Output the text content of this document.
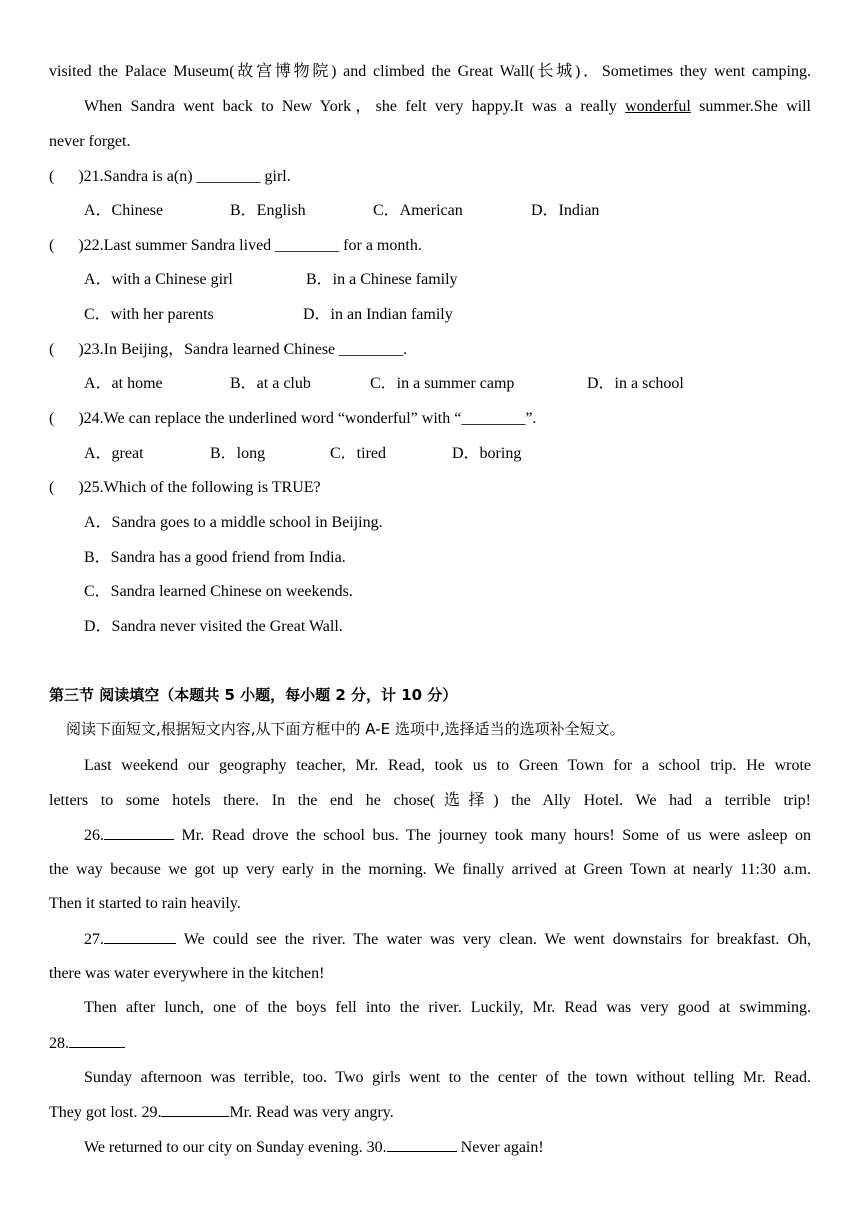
visited the Palace Museum(故宫博物院) and climbed the Great Wall(长城)．Sometimes they went camping.
When Sandra went back to New York，she felt very happy.It was a really wonderful summer.She will
never forget.
(      )21.Sandra is a(n) ________ girl.
A．Chinese	B．English	C．American	D．Indian
(      )22.Last summer Sandra lived ________ for a month.
A．with a Chinese girl	B．in a Chinese family
C．with her parents	D．in an Indian family
(      )23.In Beijing，Sandra learned Chinese ________.
A．at home	B．at a club	C．in a summer camp	D．in a school
(      )24.We can replace the underlined word “wonderful” with “________”.
A．great	B．long	C．tired	D．boring
(      )25.Which of the following is TRUE?
A．Sandra goes to a middle school in Beijing.
B．Sandra has a good friend from India.
C．Sandra learned Chinese on weekends.
D．Sandra never visited the Great Wall.
第三节 阅读填空（本题共 5 小题，每小题 2 分，计 10 分）
阅读下面短文,根据短文内容,从下面方框中的 A-E 选项中,选择适当的选项补全短文。
Last weekend our geography teacher, Mr. Read, took us to Green Town for a school trip. He wrote
letters to some hotels there. In the end he chose(选择) the Ally Hotel. We had a terrible trip!
26.	Mr. Read drove the school bus. The journey took many hours! Some of us were asleep on
the way because we got up very early in the morning. We finally arrived at Green Town at nearly 11:30 a.m.
Then it started to rain heavily.
27.	We could see the river. The water was very clean. We went downstairs for breakfast. Oh,
there was water everywhere in the kitchen!
Then after lunch, one of the boys fell into the river. Luckily, Mr. Read was very good at swimming.
28.
Sunday afternoon was terrible, too. Two girls went to the center of the town without telling Mr. Read.
They got lost. 29.	Mr. Read was very angry.
We returned to our city on Sunday evening. 30.	Never again!
